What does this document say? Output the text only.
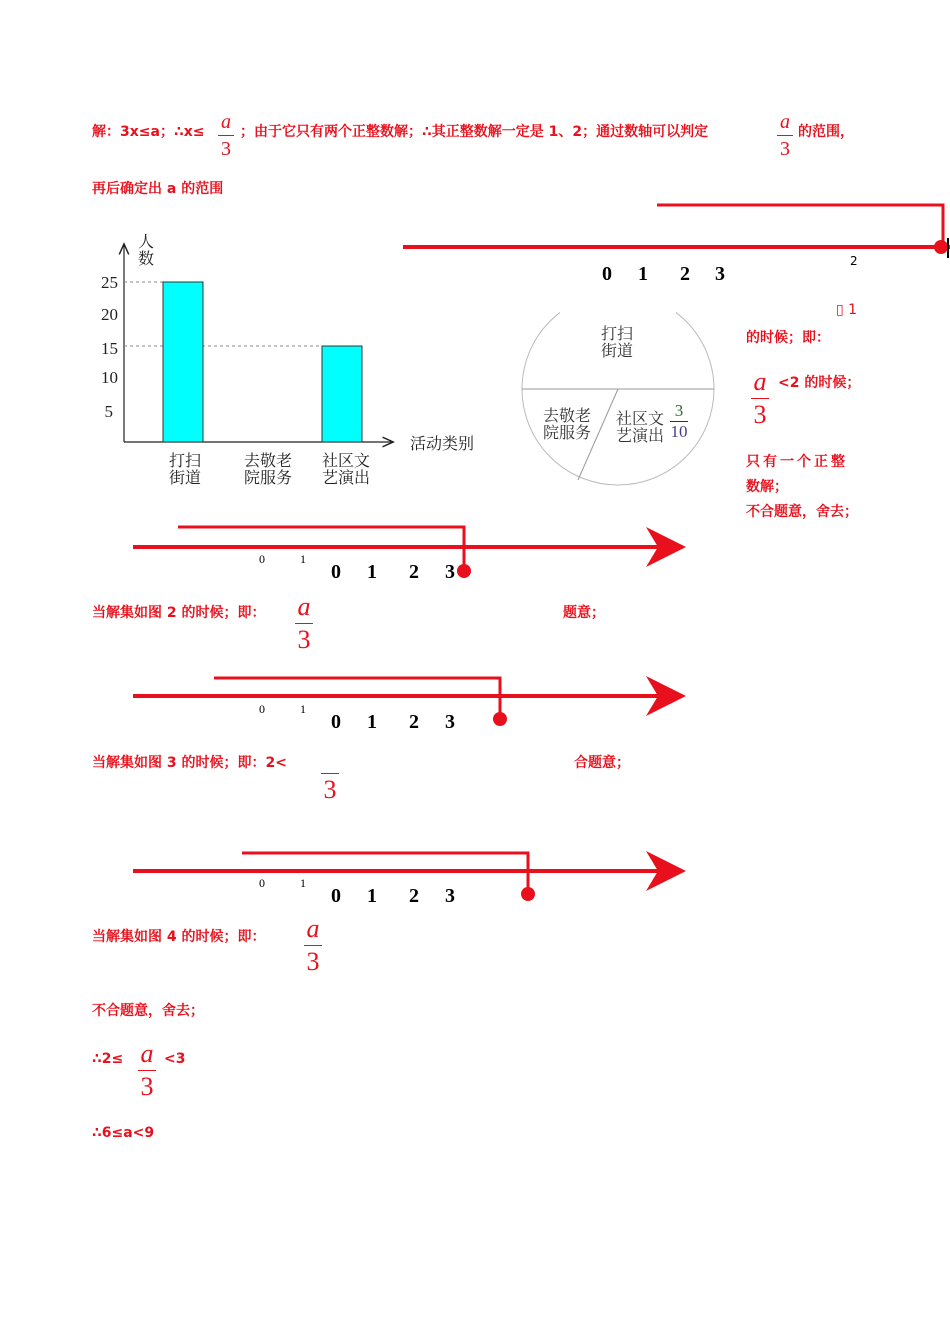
解：3x≤a；∴x≤ a
3
；由于它只有两个正整数解；∴其正整数解一定是 1、2；通过数轴可以判定	a
3
的范围，
再后确定出 a 的范围
0 1 2 3
2
人数
25
20
15
10
5
活动类别
打扫
街道
去敬老
院服务
社区文
艺演出
打扫
街道
去敬老
院服务
社区文
艺演出
3
10
▯ 1
的时候；即：
a
3
<2 的时候；
只有一个正整
数解；
不合题意，舍去；
0	1
0 1 2 3
当解集如图 2 的时候；即： a
3
题意；
0	1
0 1 2 3
当解集如图 3 的时候；即：2<
3
合题意；
0	1
0 1 2 3
当解集如图 4 的时候；即： a
3
不合题意，舍去；
∴2≤ a
3
<3
∴6≤a<9
